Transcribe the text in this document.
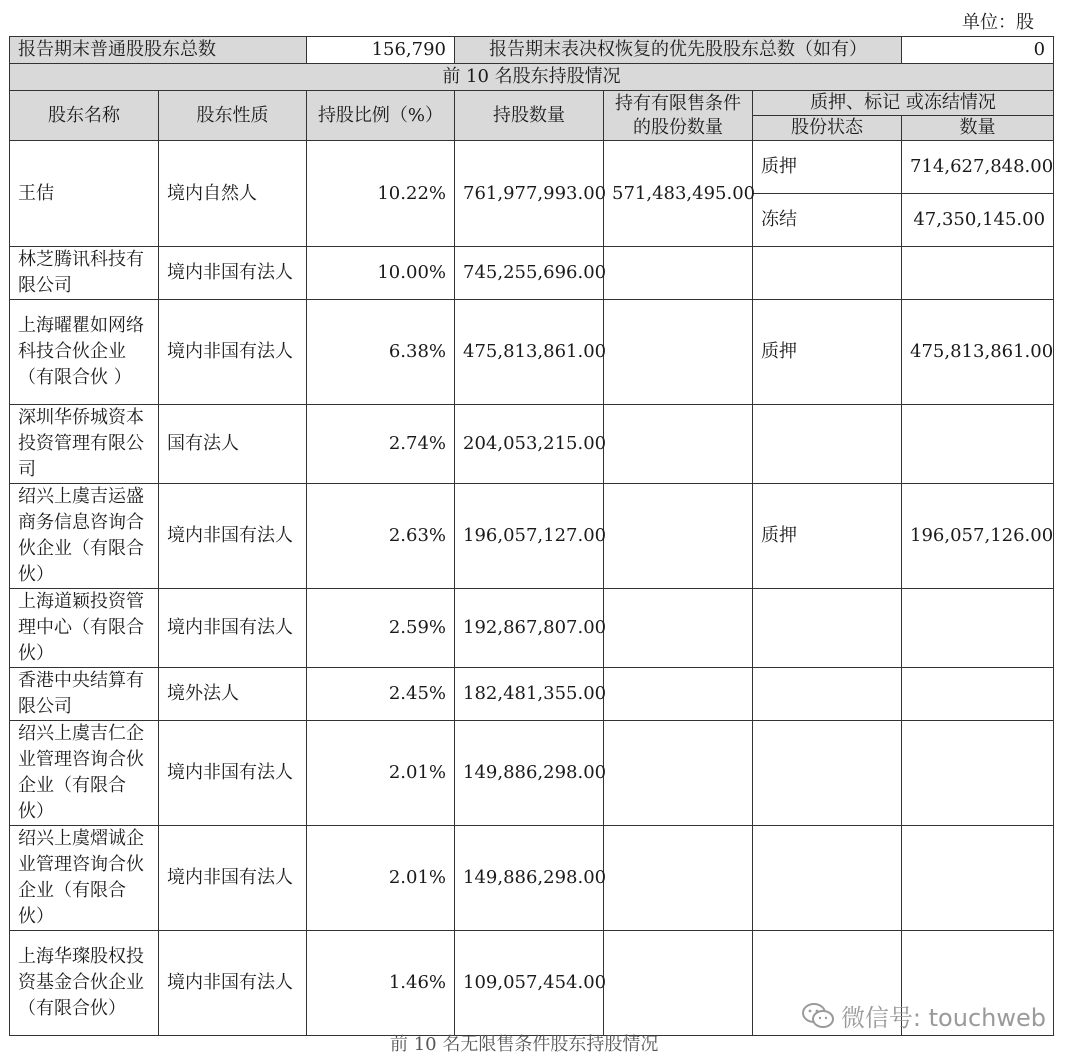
单位：股
报告期末普通股股东总数		156,790	报告期末表决权恢复的优先股股东总数（如有）			0
前 10 名股东持股情况						
股东名称	股东性质	持股比例（%）	持股数量	持有有限售条件的股份数量	质押、标记 或冻结情况	
					股份状态	数量
王佶	境内自然人	10.22%	761,977,993.00	571,483,495.00	质押	714,627,848.00
					冻结	47,350,145.00
林芝腾讯科技有限公司	境内非国有法人	10.00%	745,255,696.00			
上海曜瞿如网络科技合伙企业（有限合伙 ）	境内非国有法人	6.38%	475,813,861.00		质押	475,813,861.00
深圳华侨城资本投资管理有限公司	国有法人	2.74%	204,053,215.00			
绍兴上虞吉运盛商务信息咨询合伙企业（有限合伙）	境内非国有法人	2.63%	196,057,127.00		质押	196,057,126.00
上海道颖投资管理中心（有限合伙）	境内非国有法人	2.59%	192,867,807.00			
香港中央结算有限公司	境外法人	2.45%	182,481,355.00			
绍兴上虞吉仁企业管理咨询合伙企业（有限合伙）	境内非国有法人	2.01%	149,886,298.00			
绍兴上虞熠诚企业管理咨询合伙企业（有限合伙）	境内非国有法人	2.01%	149,886,298.00			
上海华璨股权投资基金合伙企业（有限合伙）	境内非国有法人	1.46%	109,057,454.00			
微信号: touchweb
前 10 名无限售条件股东持股情况
